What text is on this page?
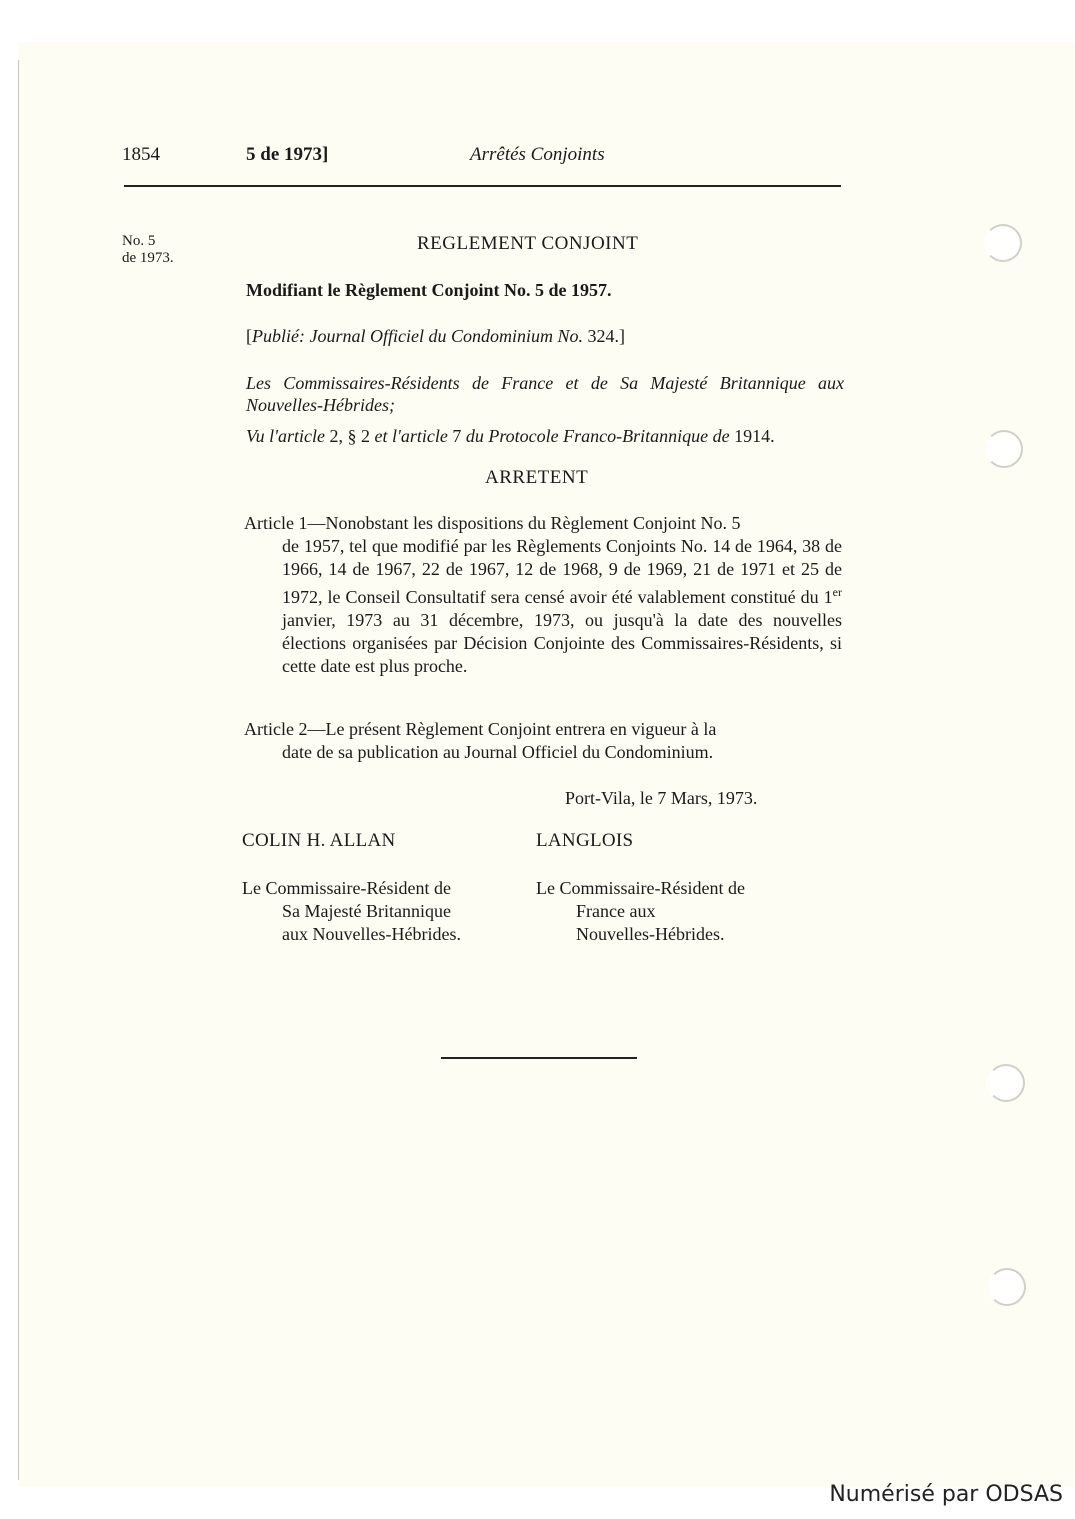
1854	5 de 1973]	Arrêtés Conjoints
No. 5
de 1973.
REGLEMENT CONJOINT
Modifiant le Règlement Conjoint No. 5 de 1957.
[Publié: Journal Officiel du Condominium No. 324.]
Les Commissaires-Résidents de France et de Sa Majesté Britannique aux Nouvelles-Hébrides;
Vu l'article 2, § 2 et l'article 7 du Protocole Franco-Britannique de 1914.
ARRETENT
Article 1—Nonobstant les dispositions du Règlement Conjoint No. 5
de 1957, tel que modifié par les Règlements Conjoints No. 14 de 1964, 38 de 1966, 14 de 1967, 22 de 1967, 12 de 1968, 9 de 1969, 21 de 1971 et 25 de 1972, le Conseil Consultatif sera censé avoir été valablement constitué du 1er janvier, 1973 au 31 décembre, 1973, ou jusqu'à la date des nouvelles élections organisées par Décision Conjointe des Commissaires-Résidents, si cette date est plus proche.
Article 2—Le présent Règlement Conjoint entrera en vigueur à la
date de sa publication au Journal Officiel du Condominium.
Port-Vila, le 7 Mars, 1973.
COLIN H. ALLAN	LANGLOIS
Le Commissaire-Résident de
Sa Majesté Britannique
aux Nouvelles-Hébrides.
Le Commissaire-Résident de
France aux
Nouvelles-Hébrides.
Numérisé par ODSAS
